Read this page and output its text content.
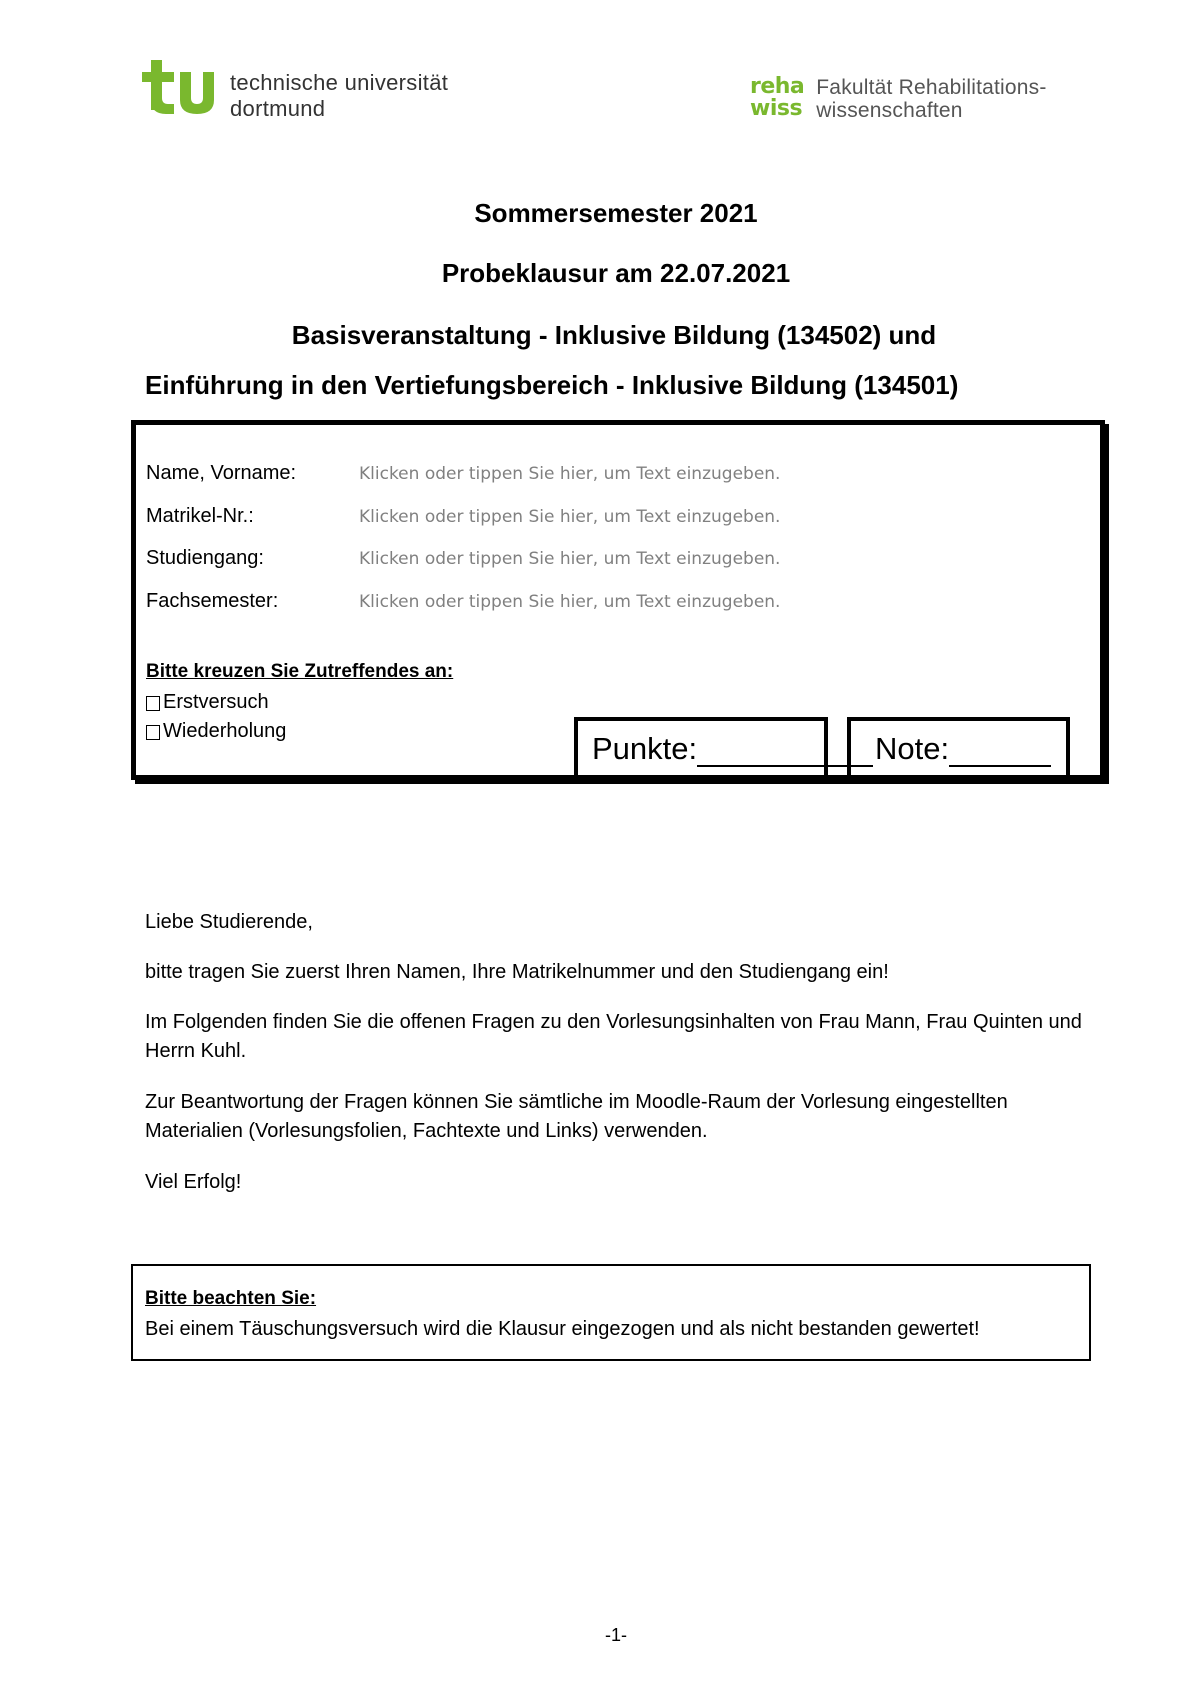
technische universität
dortmund
reha
wiss
Fakultät Rehabilitations-
wissenschaften
Sommersemester 2021
Probeklausur am 22.07.2021
Basisveranstaltung - Inklusive Bildung (134502) und
Einführung in den Vertiefungsbereich - Inklusive Bildung (134501)
Name, Vorname:	Klicken oder tippen Sie hier, um Text einzugeben.
Matrikel-Nr.:	Klicken oder tippen Sie hier, um Text einzugeben.
Studiengang:	Klicken oder tippen Sie hier, um Text einzugeben.
Fachsemester:	Klicken oder tippen Sie hier, um Text einzugeben.
Bitte kreuzen Sie Zutreffendes an:
Erstversuch
Wiederholung	Punkte:	Note:
Liebe Studierende,
bitte tragen Sie zuerst Ihren Namen, Ihre Matrikelnummer und den Studiengang ein!
Im Folgenden finden Sie die offenen Fragen zu den Vorlesungsinhalten von Frau Mann, Frau Quinten und Herrn Kuhl.
Zur Beantwortung der Fragen können Sie sämtliche im Moodle-Raum der Vorlesung eingestellten Materialien (Vorlesungsfolien, Fachtexte und Links) verwenden.
Viel Erfolg!
Bitte beachten Sie:
Bei einem Täuschungsversuch wird die Klausur eingezogen und als nicht bestanden gewertet!
-1-
